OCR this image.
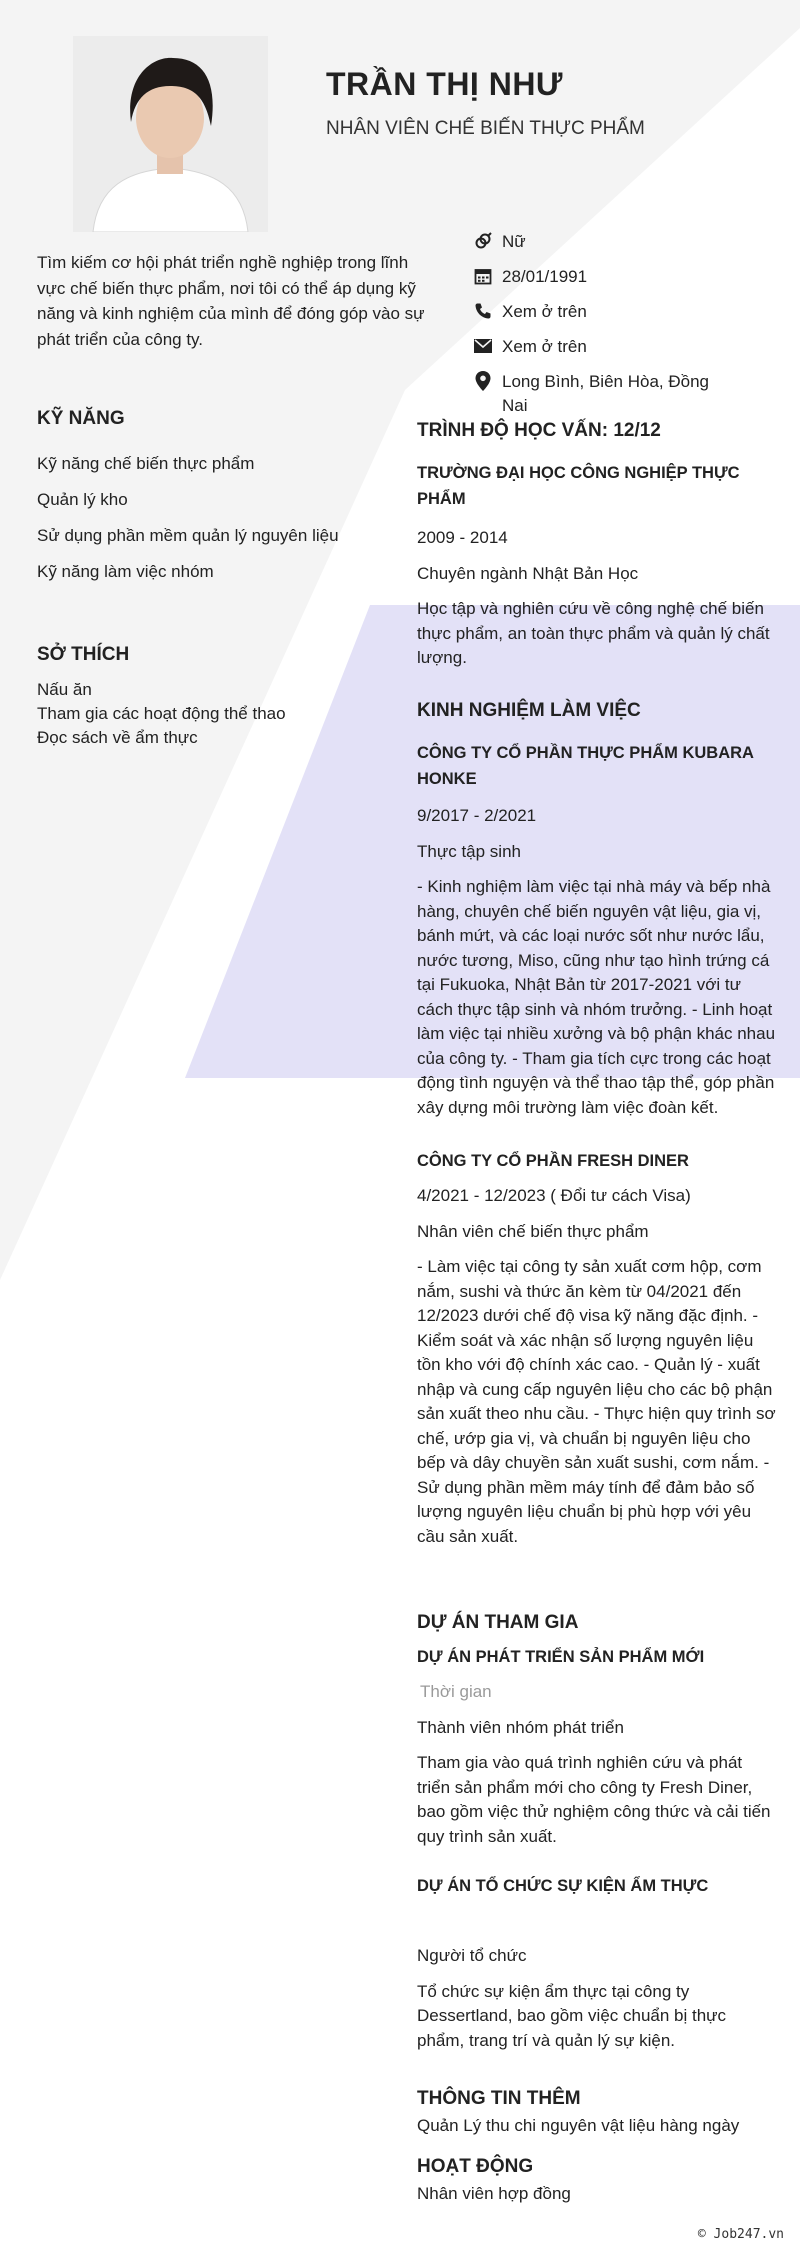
TRẦN THỊ NHƯ
NHÂN VIÊN CHẾ BIẾN THỰC PHẨM
Tìm kiếm cơ hội phát triển nghề nghiệp trong lĩnh vực chế biến thực phẩm, nơi tôi có thể áp dụng kỹ năng và kinh nghiệm của mình để đóng góp vào sự phát triển của công ty.
Nữ
28/01/1991
Xem ở trên
Xem ở trên
Long Bình, Biên Hòa, Đồng Nai
KỸ NĂNG
Kỹ năng chế biến thực phẩm
Quản lý kho
Sử dụng phần mềm quản lý nguyên liệu
Kỹ năng làm việc nhóm
SỞ THÍCH
Nấu ăn
Tham gia các hoạt động thể thao
Đọc sách về ẩm thực
TRÌNH ĐỘ HỌC VẤN: 12/12
TRƯỜNG ĐẠI HỌC CÔNG NGHIỆP THỰC PHẨM
2009 - 2014
Chuyên ngành Nhật Bản Học
Học tập và nghiên cứu về công nghệ chế biến thực phẩm, an toàn thực phẩm và quản lý chất lượng.
KINH NGHIỆM LÀM VIỆC
CÔNG TY CỔ PHẦN THỰC PHẨM KUBARA HONKE
9/2017 - 2/2021
Thực tập sinh
- Kinh nghiệm làm việc tại nhà máy và bếp nhà hàng, chuyên chế biến nguyên vật liệu, gia vị, bánh mứt, và các loại nước sốt như nước lẩu, nước tương, Miso, cũng như tạo hình trứng cá tại Fukuoka, Nhật Bản từ 2017-2021 với tư cách thực tập sinh và nhóm trưởng. - Linh hoạt làm việc tại nhiều xưởng và bộ phận khác nhau của công ty. - Tham gia tích cực trong các hoạt động tình nguyện và thể thao tập thể, góp phần xây dựng môi trường làm việc đoàn kết.
CÔNG TY CỔ PHẦN FRESH DINER
4/2021 - 12/2023 ( Đổi tư cách Visa)
Nhân viên chế biến thực phẩm
- Làm việc tại công ty sản xuất cơm hộp, cơm nắm, sushi và thức ăn kèm từ 04/2021 đến 12/2023 dưới chế độ visa kỹ năng đặc định. - Kiểm soát và xác nhận số lượng nguyên liệu tồn kho với độ chính xác cao. - Quản lý - xuất nhập và cung cấp nguyên liệu cho các bộ phận sản xuất theo nhu cầu. - Thực hiện quy trình sơ chế, ướp gia vị, và chuẩn bị nguyên liệu cho bếp và dây chuyền sản xuất sushi, cơm nắm. - Sử dụng phần mềm máy tính để đảm bảo số lượng nguyên liệu chuẩn bị phù hợp với yêu cầu sản xuất.
DỰ ÁN THAM GIA
DỰ ÁN PHÁT TRIỂN SẢN PHẨM MỚI
Thời gian
Thành viên nhóm phát triển
Tham gia vào quá trình nghiên cứu và phát triển sản phẩm mới cho công ty Fresh Diner, bao gồm việc thử nghiệm công thức và cải tiến quy trình sản xuất.
DỰ ÁN TỔ CHỨC SỰ KIỆN ẨM THỰC
Người tổ chức
Tổ chức sự kiện ẩm thực tại công ty Dessertland, bao gồm việc chuẩn bị thực phẩm, trang trí và quản lý sự kiện.
THÔNG TIN THÊM
Quản Lý thu chi nguyên vật liệu hàng ngày
HOẠT ĐỘNG
Nhân viên hợp đồng
© Job247.vn
